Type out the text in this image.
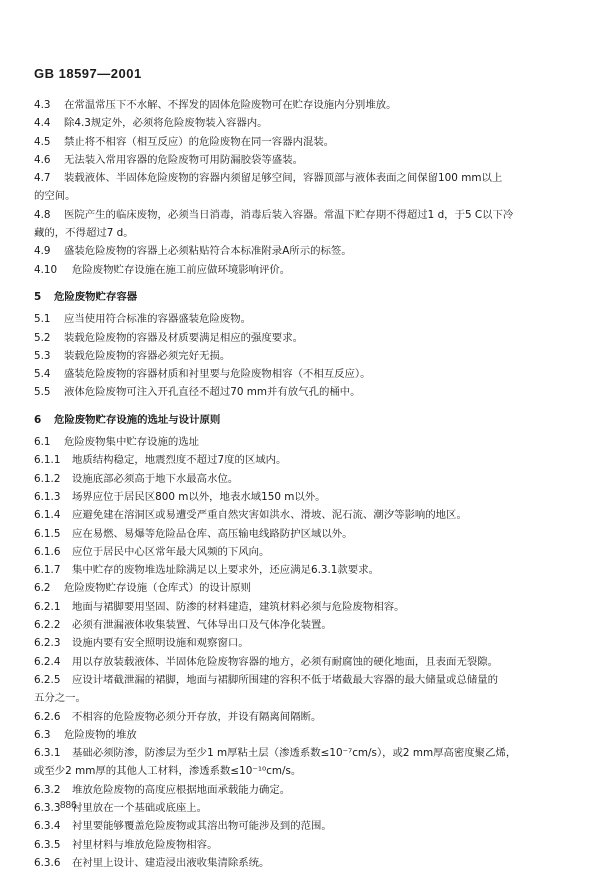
GB 18597—2001
4.3 在常温常压下不水解、不挥发的固体危险废物可在贮存设施内分别堆放。
4.4 除4.3规定外，必须将危险废物装入容器内。
4.5 禁止将不相容（相互反应）的危险废物在同一容器内混装。
4.6 无法装入常用容器的危险废物可用防漏胶袋等盛装。
4.7 装载液体、半固体危险废物的容器内须留足够空间，容器顶部与液体表面之间保留100 mm以上
的空间。
4.8 医院产生的临床废物，必须当日消毒，消毒后装入容器。常温下贮存期不得超过1 d，于5 C以下冷
藏的，不得超过7 d。
4.9 盛装危险废物的容器上必须粘贴符合本标准附录A所示的标签。
4.10 危险废物贮存设施在施工前应做环境影响评价。
5 危险废物贮存容器
5.1 应当使用符合标准的容器盛装危险废物。
5.2 装载危险废物的容器及材质要满足相应的强度要求。
5.3 装载危险废物的容器必须完好无损。
5.4 盛装危险废物的容器材质和衬里要与危险废物相容（不相互反应）。
5.5 液体危险废物可注入开孔直径不超过70 mm并有放气孔的桶中。
6 危险废物贮存设施的选址与设计原则
6.1 危险废物集中贮存设施的选址
6.1.1 地质结构稳定，地震烈度不超过7度的区域内。
6.1.2 设施底部必须高于地下水最高水位。
6.1.3 场界应位于居民区800 m以外，地表水域150 m以外。
6.1.4 应避免建在溶洞区或易遭受严重自然灾害如洪水、滑坡、泥石流、潮汐等影响的地区。
6.1.5 应在易燃、易爆等危险品仓库、高压输电线路防护区域以外。
6.1.6 应位于居民中心区常年最大风频的下风向。
6.1.7 集中贮存的废物堆选址除满足以上要求外，还应满足6.3.1款要求。
6.2 危险废物贮存设施（仓库式）的设计原则
6.2.1 地面与裙脚要用坚固、防渗的材料建造，建筑材料必须与危险废物相容。
6.2.2 必须有泄漏液体收集装置、气体导出口及气体净化装置。
6.2.3 设施内要有安全照明设施和观察窗口。
6.2.4 用以存放装载液体、半固体危险废物容器的地方，必须有耐腐蚀的硬化地面，且表面无裂隙。
6.2.5 应设计堵截泄漏的裙脚，地面与裙脚所围建的容积不低于堵截最大容器的最大储量或总储量的
五分之一。
6.2.6 不相容的危险废物必须分开存放，并设有隔离间隔断。
6.3 危险废物的堆放
6.3.1 基础必须防渗，防渗层为至少1 m厚粘土层（渗透系数≤10⁻⁷cm/s），或2 mm厚高密度聚乙烯，
或至少2 mm厚的其他人工材料，渗透系数≤10⁻¹⁰cm/s。
6.3.2 堆放危险废物的高度应根据地面承载能力确定。
6.3.3 衬里放在一个基础或底座上。
6.3.4 衬里要能够覆盖危险废物或其溶出物可能涉及到的范围。
6.3.5 衬里材料与堆放危险废物相容。
6.3.6 在衬里上设计、建造浸出液收集清除系统。
886
